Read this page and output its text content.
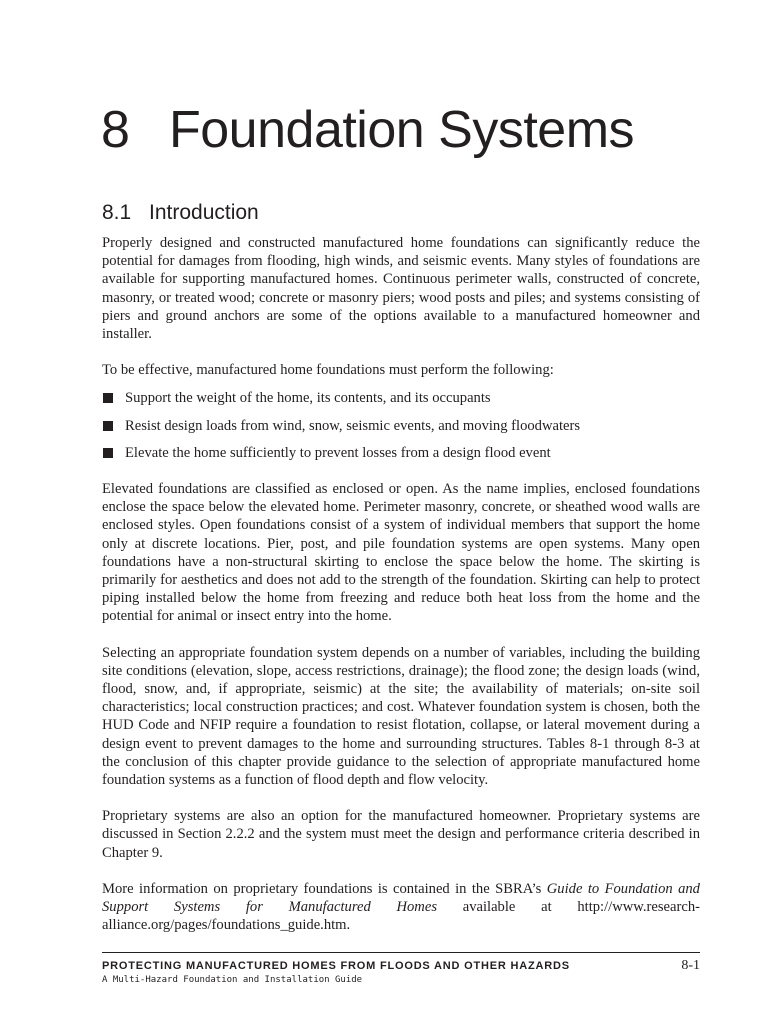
8 Foundation Systems
8.1 Introduction

Properly designed and constructed manufactured home foundations can significantly reduce the potential for damages from flooding, high winds, and seismic events. Many styles of foundations are available for supporting manufactured homes. Continuous perimeter walls, constructed of concrete, masonry, or treated wood; concrete or masonry piers; wood posts and piles; and systems consisting of piers and ground anchors are some of the options available to a manufactured homeowner and installer.

To be effective, manufactured home foundations must perform the following:

Support the weight of the home, its contents, and its occupants
Resist design loads from wind, snow, seismic events, and moving floodwaters
Elevate the home sufficiently to prevent losses from a design flood event

Elevated foundations are classified as enclosed or open. As the name implies, enclosed foundations enclose the space below the elevated home. Perimeter masonry, concrete, or sheathed wood walls are enclosed styles. Open foundations consist of a system of individual members that support the home only at discrete locations. Pier, post, and pile foundation systems are open systems. Many open foundations have a non-structural skirting to enclose the space below the home. The skirting is primarily for aesthetics and does not add to the strength of the foundation. Skirting can help to protect piping installed below the home from freezing and reduce both heat loss from the home and the potential for animal or insect entry into the home.

Selecting an appropriate foundation system depends on a number of variables, including the building site conditions (elevation, slope, access restrictions, drainage); the flood zone; the design loads (wind, flood, snow, and, if appropriate, seismic) at the site; the availability of materials; on-site soil characteristics; local construction practices; and cost. Whatever foundation system is chosen, both the HUD Code and NFIP require a foundation to resist flotation, collapse, or lateral movement during a design event to prevent damages to the home and surrounding structures. Tables 8-1 through 8-3 at the conclusion of this chapter provide guidance to the selection of appropriate manufactured home foundation systems as a function of flood depth and flow velocity.

Proprietary systems are also an option for the manufactured homeowner. Proprietary systems are discussed in Section 2.2.2 and the system must meet the design and performance criteria described in Chapter 9.

More information on proprietary foundations is contained in the SBRA’s Guide to Foundation and Support Systems for Manufactured Homes available at http://www.research-alliance.org/pages/foundations_guide.htm.

PROTECTING MANUFACTURED HOMES FROM FLOODS AND OTHER HAZARDS
A Multi-Hazard Foundation and Installation Guide
8-1
